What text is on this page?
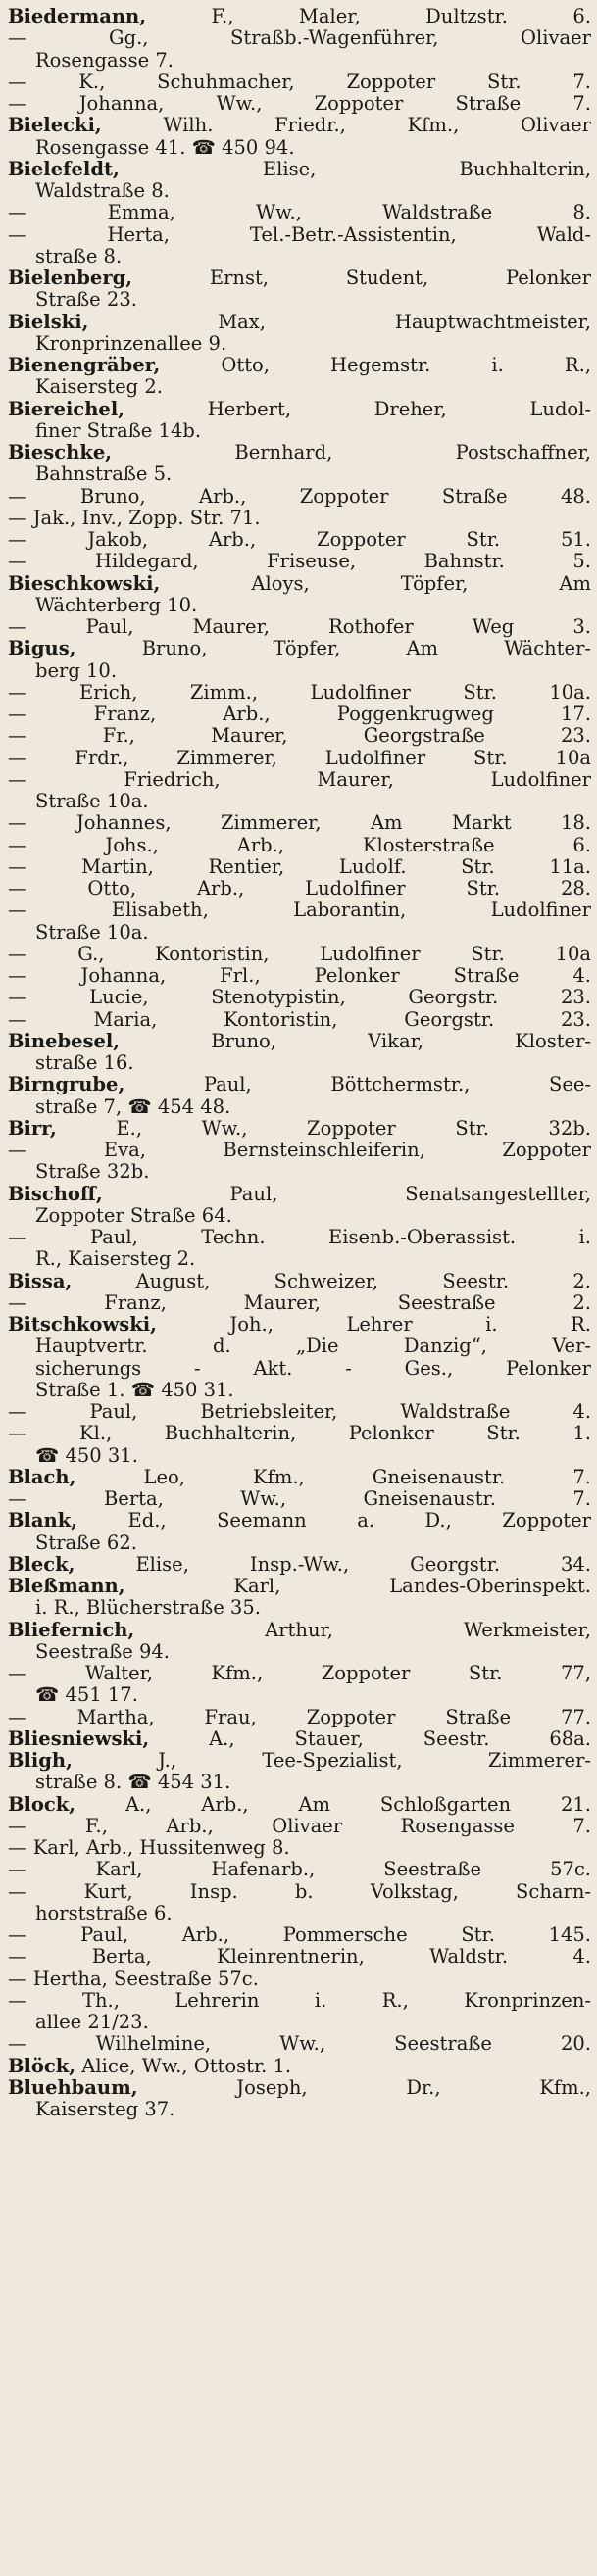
Biedermann, F., Maler, Dultzstr. 6.
— Gg., Straßb.-Wagenführer, Olivaer
Rosengasse 7.
— K., Schuhmacher, Zoppoter Str. 7.
— Johanna, Ww., Zoppoter Straße 7.
Bielecki, Wilh. Friedr., Kfm., Olivaer
Rosengasse 41. ☎ 450 94.
Bielefeldt, Elise, Buchhalterin,
Waldstraße 8.
— Emma, Ww., Waldstraße 8.
— Herta, Tel.-Betr.-Assistentin, Wald-
straße 8.
Bielenberg, Ernst, Student, Pelonker
Straße 23.
Bielski, Max, Hauptwachtmeister,
Kronprinzenallee 9.
Bienengräber, Otto, Hegemstr. i. R.,
Kaisersteg 2.
Biereichel, Herbert, Dreher, Ludol-
finer Straße 14b.
Bieschke, Bernhard, Postschaffner,
Bahnstraße 5.
— Bruno, Arb., Zoppoter Straße 48.
— Jak., Inv., Zopp. Str. 71.
— Jakob, Arb., Zoppoter Str. 51.
— Hildegard, Friseuse, Bahnstr. 5.
Bieschkowski, Aloys, Töpfer, Am
Wächterberg 10.
— Paul, Maurer, Rothofer Weg 3.
Bigus, Bruno, Töpfer, Am Wächter-
berg 10.
— Erich, Zimm., Ludolfiner Str. 10a.
— Franz, Arb., Poggenkrugweg 17.
— Fr., Maurer, Georgstraße 23.
— Frdr., Zimmerer, Ludolfiner Str. 10a
— Friedrich, Maurer, Ludolfiner
Straße 10a.
— Johannes, Zimmerer, Am Markt 18.
— Johs., Arb., Klosterstraße 6.
— Martin, Rentier, Ludolf. Str. 11a.
— Otto, Arb., Ludolfiner Str. 28.
— Elisabeth, Laborantin, Ludolfiner
Straße 10a.
— G., Kontoristin, Ludolfiner Str. 10a
— Johanna, Frl., Pelonker Straße 4.
— Lucie, Stenotypistin, Georgstr. 23.
— Maria, Kontoristin, Georgstr. 23.
Binebesel, Bruno, Vikar, Kloster-
straße 16.
Birngrube, Paul, Böttchermstr., See-
straße 7, ☎ 454 48.
Birr, E., Ww., Zoppoter Str. 32b.
— Eva, Bernsteinschleiferin, Zoppoter
Straße 32b.
Bischoff, Paul, Senatsangestellter,
Zoppoter Straße 64.
— Paul, Techn. Eisenb.-Oberassist. i.
R., Kaisersteg 2.
Bissa, August, Schweizer, Seestr. 2.
— Franz, Maurer, Seestraße 2.
Bitschkowski, Joh., Lehrer i. R.
Hauptvertr. d. „Die Danzig“, Ver-
sicherungs - Akt. - Ges., Pelonker
Straße 1. ☎ 450 31.
— Paul, Betriebsleiter, Waldstraße 4.
— Kl., Buchhalterin, Pelonker Str. 1.
☎ 450 31.
Blach, Leo, Kfm., Gneisenaustr. 7.
— Berta, Ww., Gneisenaustr. 7.
Blank, Ed., Seemann a. D., Zoppoter
Straße 62.
Bleck, Elise, Insp.-Ww., Georgstr. 34.
Bleßmann, Karl, Landes-Oberinspekt.
i. R., Blücherstraße 35.
Bliefernich, Arthur, Werkmeister,
Seestraße 94.
— Walter, Kfm., Zoppoter Str. 77,
☎ 451 17.
— Martha, Frau, Zoppoter Straße 77.
Bliesniewski, A., Stauer, Seestr. 68a.
Bligh, J., Tee-Spezialist, Zimmerer-
straße 8. ☎ 454 31.
Block, A., Arb., Am Schloßgarten 21.
— F., Arb., Olivaer Rosengasse 7.
— Karl, Arb., Hussitenweg 8.
— Karl, Hafenarb., Seestraße 57c.
— Kurt, Insp. b. Volkstag, Scharn-
horststraße 6.
— Paul, Arb., Pommersche Str. 145.
— Berta, Kleinrentnerin, Waldstr. 4.
— Hertha, Seestraße 57c.
— Th., Lehrerin i. R., Kronprinzen-
allee 21/23.
— Wilhelmine, Ww., Seestraße 20.
Blöck, Alice, Ww., Ottostr. 1.
Bluehbaum, Joseph, Dr., Kfm.,
Kaisersteg 37.
